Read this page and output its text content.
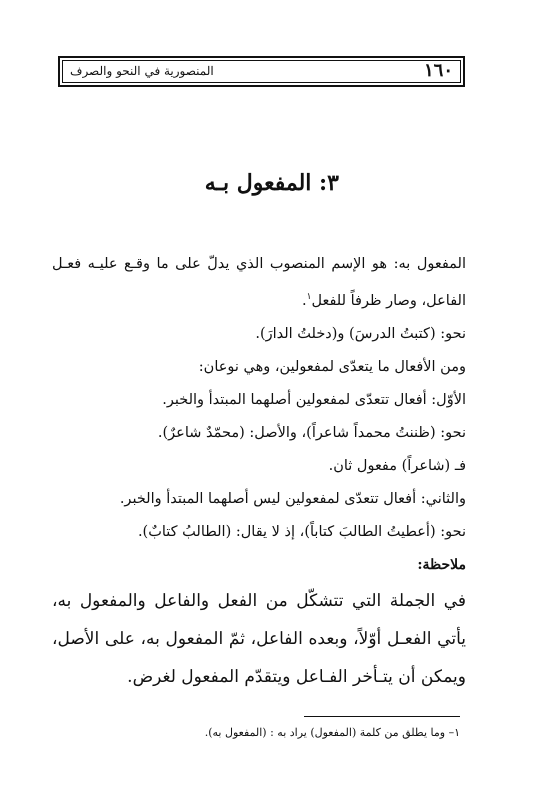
المنصورية في النحو والصرف	١٦٠
٣: المفعول بـه

المفعول به: هو الإسم المنصوب الذي يدلّ على ما وقـع عليـه فعـل الفاعل، وصار ظرفاً للفعل$^١$.

نحو: (كتبتُ الدرسَ) و(دخلتُ الدارَ).

ومن الأفعال ما يتعدّى لمفعولين، وهي نوعان:

الأوّل: أفعال تتعدّى لمفعولين أصلهما المبتدأ والخبر.

نحو: (ظننتُ محمداً شاعراً)، والأصل: (محمّدٌ شاعرٌ).

فـ (شاعراً) مفعول ثان.

والثاني: أفعال تتعدّى لمفعولين ليس أصلهما المبتدأ والخبر.

نحو: (أعطيتُ الطالبَ كتاباً)، إذ لا يقال: (الطالبُ كتابٌ).

ملاحظة:

في الجملة التي تتشكّل من الفعل والفاعل والمفعول به، يأتي الفعـل أوّلاً، وبعده الفاعل، ثمّ المفعول به، على الأصل، ويمكن أن يتـأخر الفـاعل ويتقدّم المفعول لغرض.

١– وما يطلق من كلمة (المفعول) يراد به : (المفعول به).
